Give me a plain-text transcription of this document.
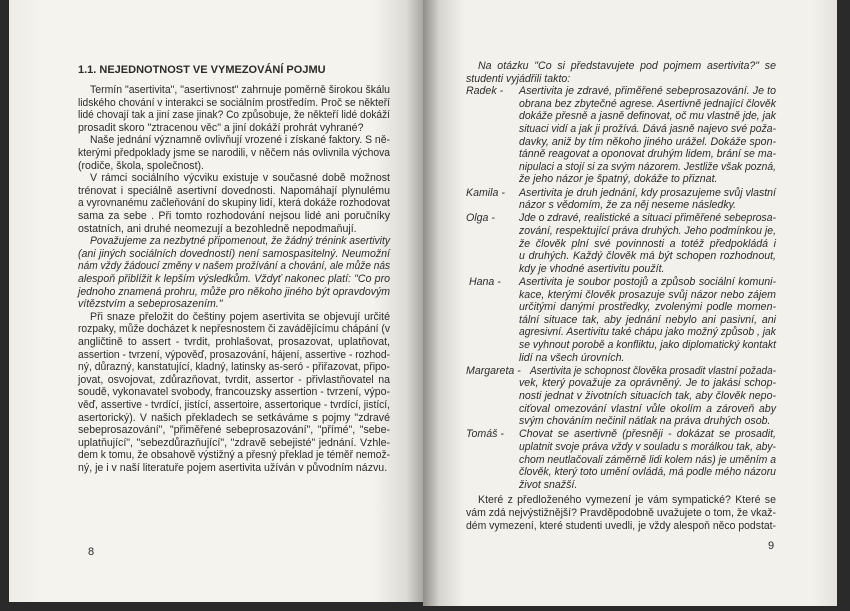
1.1. NEJEDNOTNOST VE VYMEZOVÁNÍ POJMU
Termín "asertivita", "asertivnost" zahrnuje poměrně širokou škálu
lidského chování v interakci se sociálním prostředím. Proč se někteří
lidé chovají tak a jiní zase jinak? Co způsobuje, že někteří lidé dokáží
prosadit skoro "ztracenou věc" a jiní dokáží prohrát vyhrané?
Naše jednání významně ovlivňují vrozené i získané faktory. S ně-
kterými předpoklady jsme se narodili, v něčem nás ovlivnila výchova
(rodiče, škola, společnost).
V rámci sociálního výcviku existuje v současné době možnost
trénovat i speciálně asertivní dovednosti. Napomáhají plynulému
a vyrovnanému začleňování do skupiny lidí, která dokáže rozhodovat
sama za sebe . Při tomto rozhodování nejsou lidé ani poručníky
ostatních, ani druhé neomezují a bezohledně nepodmaňují.
Považujeme za nezbytné připomenout, že žádný trénink asertivity
(ani jiných sociálních dovedností) není samospasitelný. Neumožní
nám vždy žádoucí změny v našem prožívání a chování, ale může nás
alespoň přiblížit k lepším výsledkům. Vždyť nakonec platí: "Co pro
jednoho znamená prohru, může pro někoho jiného být opravdovým
vítězstvím a sebeprosazením."
Při snaze přeložit do češtiny pojem asertivita se objevují určité
rozpaky, může docházet k nepřesnostem či zavádějícímu chápání (v
angličtině to assert - tvrdit, prohlašovat, prosazovat, uplatňovat,
assertion - tvrzení, výpověď, prosazování, hájení, assertive - rozhod-
ný, důrazný, kanstatující, kladný, latinsky as-seró - přiřazovat, připo-
jovat, osvojovat, zdůrazňovat, tvrdit, assertor - přivlastňovatel na
soudě, vykonavatel svobody, francouzsky assertion - tvrzení, výpo-
věď, assertive - tvrdící, jistící, assertoire, assertorique - tvrdící, jistící,
asertorický). V našich překladech se setkáváme s pojmy "zdravé
sebeprosazování", "přiměřené sebeprosazování", "přímé", "sebe-
uplatňující", "sebezdůrazňující", "zdravě sebejisté" jednání. Vzhle-
dem k tomu, že obsahově výstižný a přesný překlad je téměř nemož-
ný, je i v naší literatuře pojem asertivita užíván v původním názvu.
8
Na otázku "Co si představujete pod pojmem asertivita?" se
studenti vyjádřili takto:
Radek - Asertivita je zdravé, přiměřené sebeprosazování. Je to
obrana bez zbytečné agrese. Asertivně jednající člověk
dokáže přesně a jasně definovat, oč mu vlastně jde, jak
situaci vidí a jak ji prožívá. Dává jasně najevo své poža-
davky, aniž by tím někoho jiného urážel. Dokáže spon-
tánně reagovat a oponovat druhým lidem, brání se ma-
nipulaci a stojí si za svým názorem. Jestliže však pozná,
že jeho názor je špatný, dokáže to přiznat.
Kamila - Asertivita je druh jednání, kdy prosazujeme svůj vlastní
názor s vědomím, že za něj neseme následky.
Olga - Jde o zdravé, realistické a situaci přiměřené sebeprosa-
zování, respektující práva druhých. Jeho podmínkou je,
že člověk plní své povinnosti a totéž předpokládá i
u druhých. Každý člověk má být schopen rozhodnout,
kdy je vhodné asertivitu použít.
Hana - Asertivita je soubor postojů a způsob sociální komuni-
kace, kterými člověk prosazuje svůj názor nebo zájem
určitými danými prostředky, zvolenými podle momen-
tální situace tak, aby jednání nebylo ani pasivní, ani
agresivní. Asertivitu také chápu jako možný způsob , jak
se vyhnout porobě a konfliktu, jako diplomatický kontakt
lidí na všech úrovních.
Margareta - Asertivita je schopnost člověka prosadit vlastní požada-
vek, který považuje za oprávněný. Je to jakási schop-
nosti jednat v životních situacích tak, aby člověk nepo-
ciťoval omezování vlastní vůle okolím a zároveň aby
svým chováním nečinil nátlak na práva druhých osob.
Tomáš - Chovat se asertivně (přesněji - dokázat se prosadit,
uplatnit svoje práva vždy v souladu s morálkou tak, aby-
chom neutlačovali záměrně lidi kolem nás) je uměním a
člověk, který toto umění ovládá, má podle mého názoru
život snažší.
Které z předloženého vymezení je vám sympatické? Které se
vám zdá nejvýstižnější? Pravděpodobně uvažujete o tom, že vkaž-
dém vymezení, které studenti uvedli, je vždy alespoň něco podstat-
9
